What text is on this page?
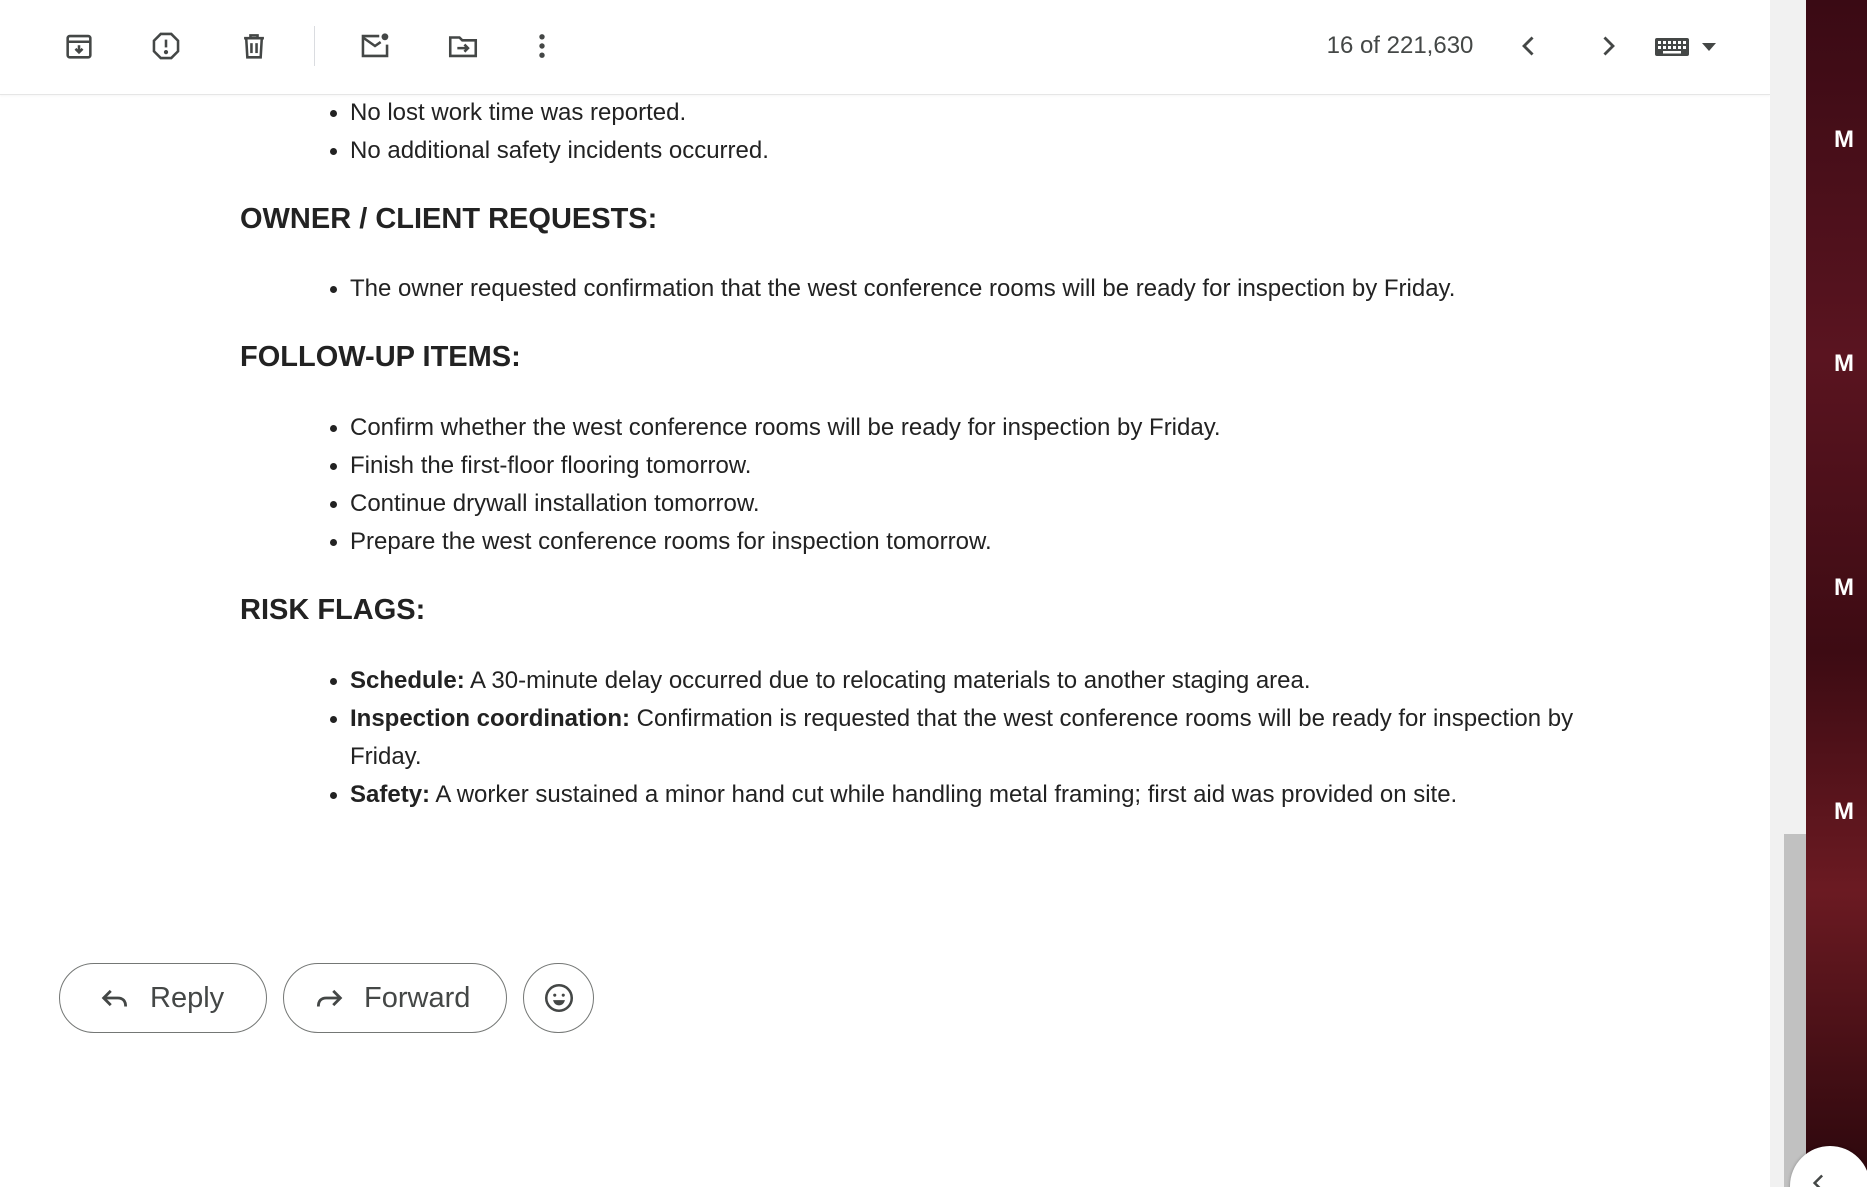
16 of 221,630
• No lost work time was reported.
• No additional safety incidents occurred.
OWNER / CLIENT REQUESTS:
• The owner requested confirmation that the west conference rooms will be ready for inspection by Friday.
FOLLOW-UP ITEMS:
• Confirm whether the west conference rooms will be ready for inspection by Friday.
• Finish the first-floor flooring tomorrow.
• Continue drywall installation tomorrow.
• Prepare the west conference rooms for inspection tomorrow.
RISK FLAGS:
• Schedule: A 30-minute delay occurred due to relocating materials to another staging area.
• Inspection coordination: Confirmation is requested that the west conference rooms will be ready for inspection by Friday.
• Safety: A worker sustained a minor hand cut while handling metal framing; first aid was provided on site.
Reply	Forward
M
M
M
M
